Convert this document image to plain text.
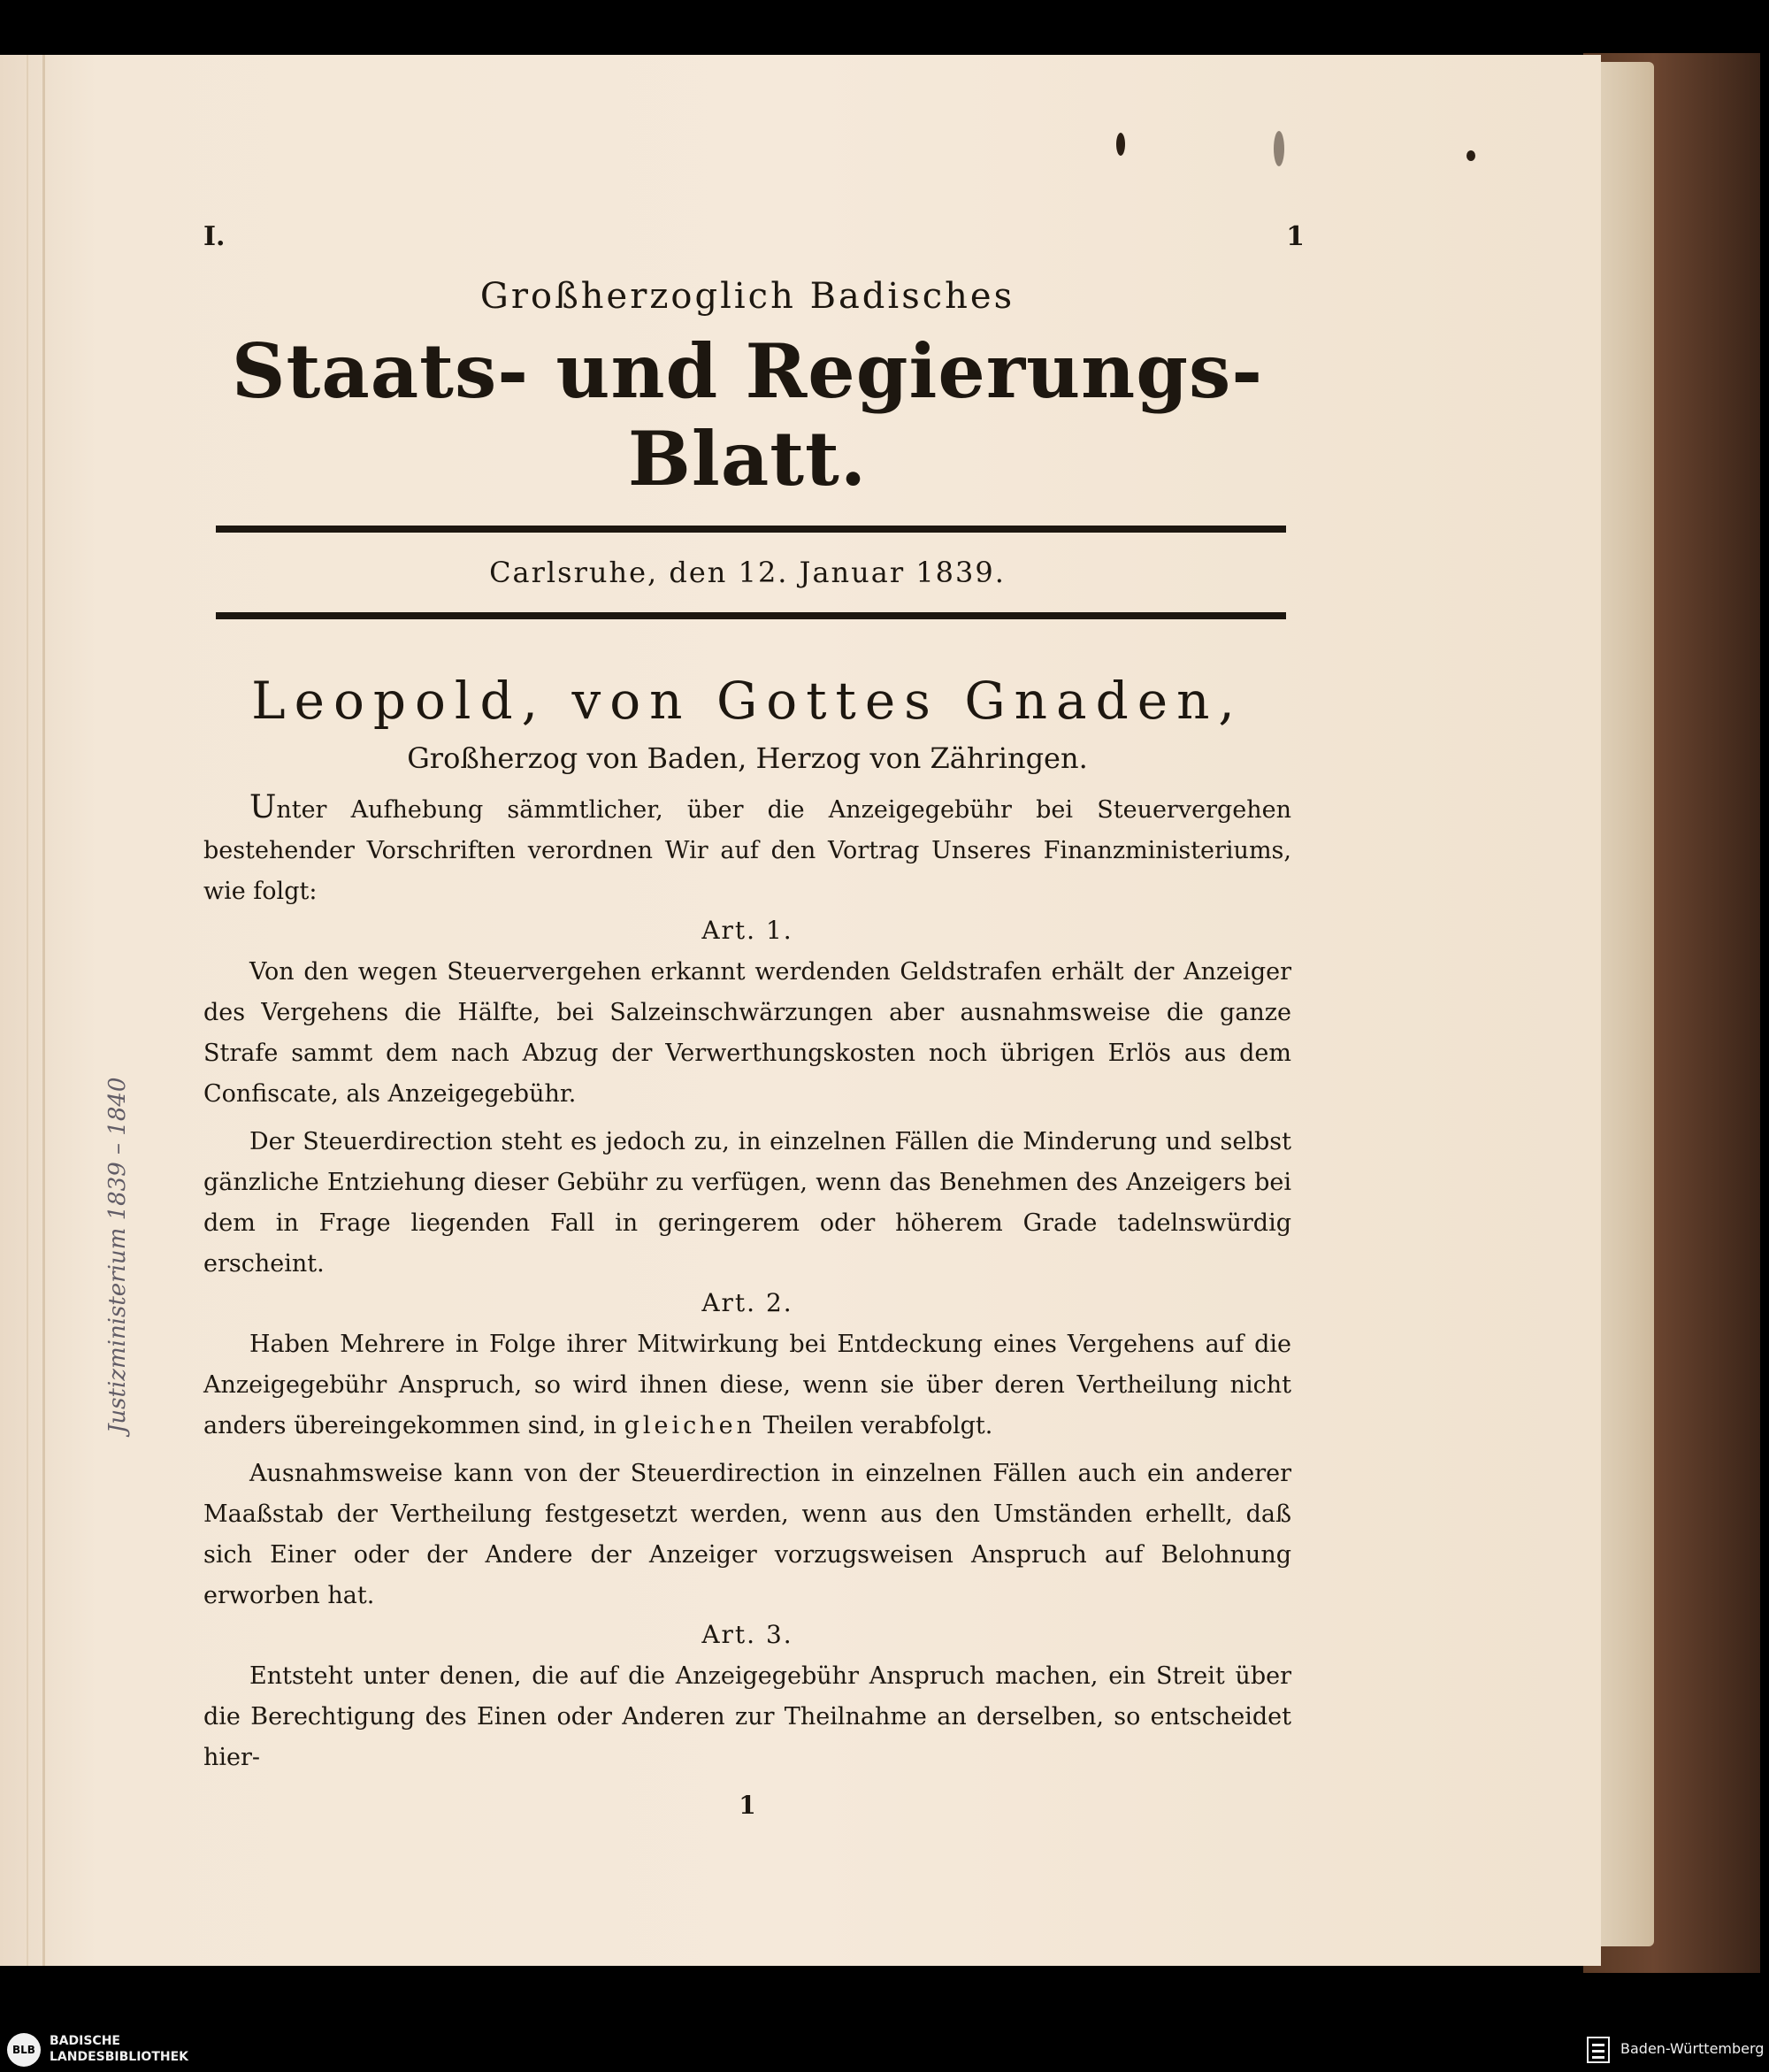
Justizministerium 1839 – 1840
I.	1
Großherzoglich Badisches
Staats- und Regierungs-Blatt.
Carlsruhe, den 12. Januar 1839.
Leopold, von Gottes Gnaden,
Großherzog von Baden, Herzog von Zähringen.
Unter Aufhebung sämmtlicher, über die Anzeigegebühr bei Steuervergehen bestehender Vorschriften verordnen Wir auf den Vortrag Unseres Finanzministeriums, wie folgt:
Art. 1.
Von den wegen Steuervergehen erkannt werdenden Geldstrafen erhält der Anzeiger des Vergehens die Hälfte, bei Salzeinschwärzungen aber ausnahmsweise die ganze Strafe sammt dem nach Abzug der Verwerthungskosten noch übrigen Erlös aus dem Confiscate, als Anzeigegebühr.
Der Steuerdirection steht es jedoch zu, in einzelnen Fällen die Minderung und selbst gänzliche Entziehung dieser Gebühr zu verfügen, wenn das Benehmen des Anzeigers bei dem in Frage liegenden Fall in geringerem oder höherem Grade tadelnswürdig erscheint.
Art. 2.
Haben Mehrere in Folge ihrer Mitwirkung bei Entdeckung eines Vergehens auf die Anzeigegebühr Anspruch, so wird ihnen diese, wenn sie über deren Vertheilung nicht anders übereingekommen sind, in gleichen Theilen verabfolgt.
Ausnahmsweise kann von der Steuerdirection in einzelnen Fällen auch ein anderer Maaßstab der Vertheilung festgesetzt werden, wenn aus den Umständen erhellt, daß sich Einer oder der Andere der Anzeiger vorzugsweisen Anspruch auf Belohnung erworben hat.
Art. 3.
Entsteht unter denen, die auf die Anzeigegebühr Anspruch machen, ein Streit über die Berechtigung des Einen oder Anderen zur Theilnahme an derselben, so entscheidet hier-
1
BLB
BADISCHE
LANDESBIBLIOTHEK	Baden-Württemberg
